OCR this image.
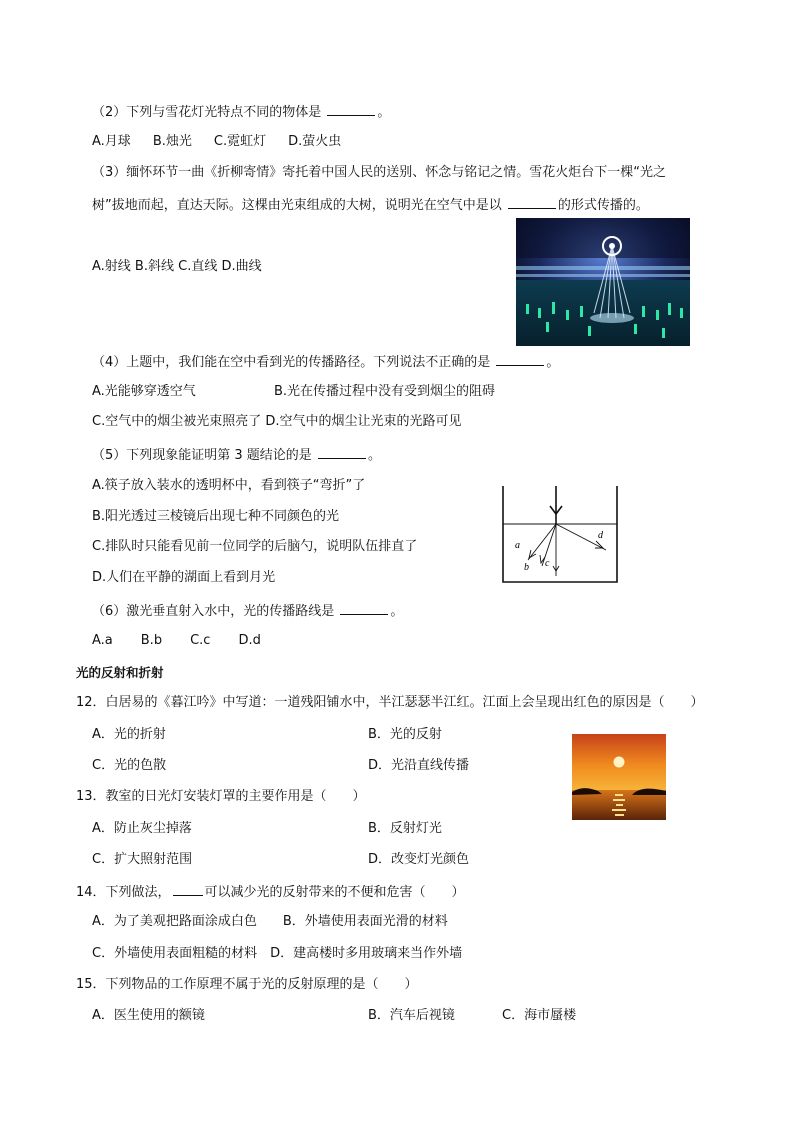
（2）下列与雪花灯光特点不同的物体是	。
A.月球 B.烛光 C.霓虹灯 D.萤火虫
（3）缅怀环节一曲《折柳寄情》寄托着中国人民的送别、怀念与铭记之情。雪花火炬台下一棵“光之
树”拔地而起，直达天际。这棵由光束组成的大树，说明光在空气中是以	的形式传播的。
A.射线 B.斜线 C.直线 D.曲线
（4）上题中，我们能在空中看到光的传播路径。下列说法不正确的是	。
A.光能够穿透空气	B.光在传播过程中没有受到烟尘的阻碍
C.空气中的烟尘被光束照亮了 D.空气中的烟尘让光束的光路可见
（5）下列现象能证明第 3 题结论的是	。
A.筷子放入装水的透明杯中，看到筷子“弯折”了
B.阳光透过三棱镜后出现七种不同颜色的光
C.排队时只能看见前一位同学的后脑勺，说明队伍排直了
D.人们在平静的湖面上看到月光
a
b c
d
（6）激光垂直射入水中，光的传播路线是	。
A.a B.b C.c D.d
光的反射和折射
12．白居易的《暮江吟》中写道：一道残阳铺水中，半江瑟瑟半江红。江面上会呈现出红色的原因是（　　）
A．光的折射	B．光的反射
C．光的色散	D．光沿直线传播
13．教室的日光灯安装灯罩的主要作用是（　　）
A．防止灰尘掉落	B．反射灯光
C．扩大照射范围	D．改变灯光颜色
14．下列做法，	可以减少光的反射带来的不便和危害（　　）
A．为了美观把路面涂成白色　　B．外墙使用表面光滑的材料
C．外墙使用表面粗糙的材料　D．建高楼时多用玻璃来当作外墙
15．下列物品的工作原理不属于光的反射原理的是（　　）
A．医生使用的额镜	B．汽车后视镜	C．海市蜃楼
